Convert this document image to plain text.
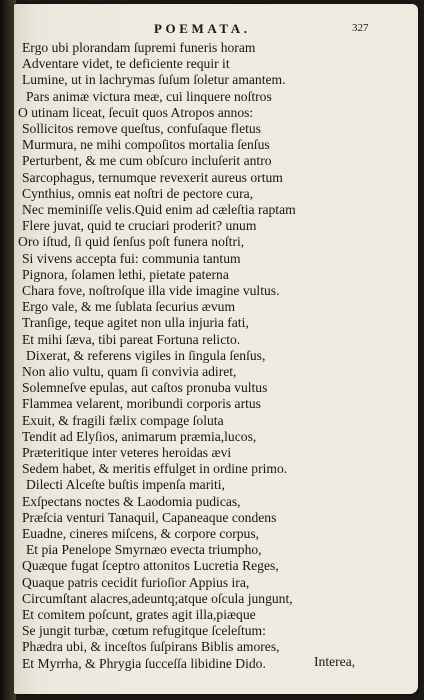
POEMATA.	327
Ergo ubi plorandam ſupremi funeris horam
Adventare videt, te deficiente requir it
Lumine, ut in lachrymas ſuſum ſoletur amantem.
Pars animæ victura meæ, cui linquere noſtros
O utinam liceat, ſecuit quos Atropos annos:
Sollicitos remove queſtus, confuſaque fletus
Murmura, ne mihi compoſitos mortalia ſenſus
Perturbent, & me cum obſcuro incluſerit antro
Sarcophagus, ternumque revexerit aureus ortum
Cynthius, omnis eat noſtri de pectore cura,
Nec meminiſſe velis.Quid enim ad cæleſtia raptam
Flere juvat, quid te cruciari proderit? unum
Oro iſtud, ſi quid ſenſus poſt funera noſtri,
Si vivens accepta fui: communia tantum
Pignora, ſolamen lethi, pietate paterna
Chara fove, noſtroſque illa vide imagine vultus.
Ergo vale, & me ſublata ſecurius ævum
Tranſige, teque agitet non ulla injuria fati,
Et mihi ſæva, tibi pareat Fortuna relicto.
Dixerat, & referens vigiles in ſingula ſenſus,
Non alio vultu, quam ſi convivia adiret,
Solemneſve epulas, aut caſtos pronuba vultus
Flammea velarent, moribundi corporis artus
Exuit, & fragili fælix compage ſoluta
Tendit ad Elyſios, animarum præmia,lucos,
Prætеritique inter veteres heroidas ævi
Sedem habet, & meritis effulget in ordine primo.
Dilecti Alceſte buſtis impenſa mariti,
Exſpectans noctes & Laodomia pudicas,
Præſcia venturi Tanaquil, Capaneaque condens
Euadne, cineres miſcens, & corpore corpus,
Et pia Penelope Smyrnæo evecta triumpho,
Quæque fugat ſceptro attonitos Lucretia Reges,
Quaque patris cecidit furioſior Appius ira,
Circumſtant alacres,adeuntq;atque oſcula jungunt,
Et comitem poſcunt, grates agit illa,piæque
Se jungit turbæ, cœtum refugitque ſceleſtum:
Phædra ubi, & inceſtos ſuſpirans Biblis amores,
Et Myrrha, & Phrygia ſucceſſa libidine Dido.	Interea,
